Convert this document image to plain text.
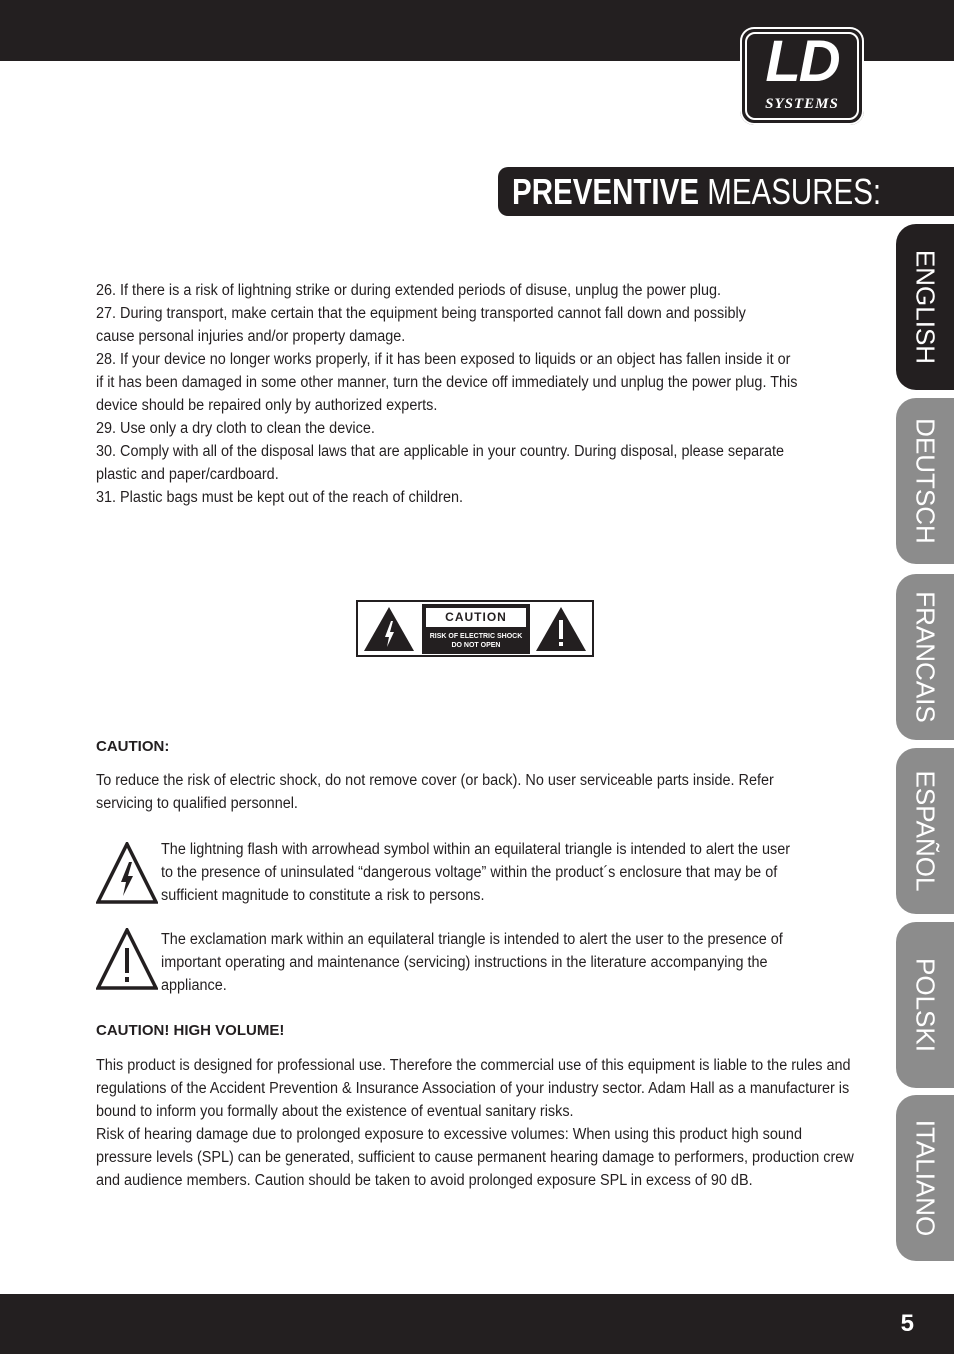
LD
SYSTEMS
PREVENTIVE MEASURES:
ENGLISH
DEUTSCH
FRANCAIS
ESPAÑOL
POLSKI
ITALIANO
26. If there is a risk of lightning strike or during extended periods of disuse, unplug the power plug.
27. During transport, make certain that the equipment being transported cannot fall down and possibly
cause personal injuries and/or property damage.
28. If your device no longer works properly, if it has been exposed to liquids or an object has fallen inside it or
if it has been damaged in some other manner, turn the device off immediately und unplug the power plug. This
device should be repaired only by authorized experts.
29. Use only a dry cloth to clean the device.
30. Comply with all of the disposal laws that are applicable in your country. During disposal, please separate
plastic and paper/cardboard.
31. Plastic bags must be kept out of the reach of children.
CAUTION
RISK OF ELECTRIC SHOCK
DO NOT OPEN
CAUTION:

To reduce the risk of electric shock, do not remove cover (or back). No user serviceable parts inside. Refer servicing to qualified personnel.

The lightning flash with arrowhead symbol within an equilateral triangle is intended to alert the user to the presence of uninsulated “dangerous voltage” within the product´s enclosure that may be of sufficient magnitude to constitute a risk to persons.

The exclamation mark within an equilateral triangle is intended to alert the user to the presence of important operating and maintenance (servicing) instructions in the literature accompanying the appliance.

CAUTION! HIGH VOLUME!
This product is designed for professional use. Therefore the commercial use of this equipment is liable to the rules and regulations of the Accident Prevention & Insurance Association of your industry sector. Adam Hall as a manufacturer is bound to inform you formally about the existence of eventual sanitary risks.
Risk of hearing damage due to prolonged exposure to excessive volumes: When using this product high sound pressure levels (SPL) can be generated, sufficient to cause permanent hearing damage to performers, production crew and audience members. Caution should be taken to avoid prolonged exposure SPL in excess of 90 dB.
5
